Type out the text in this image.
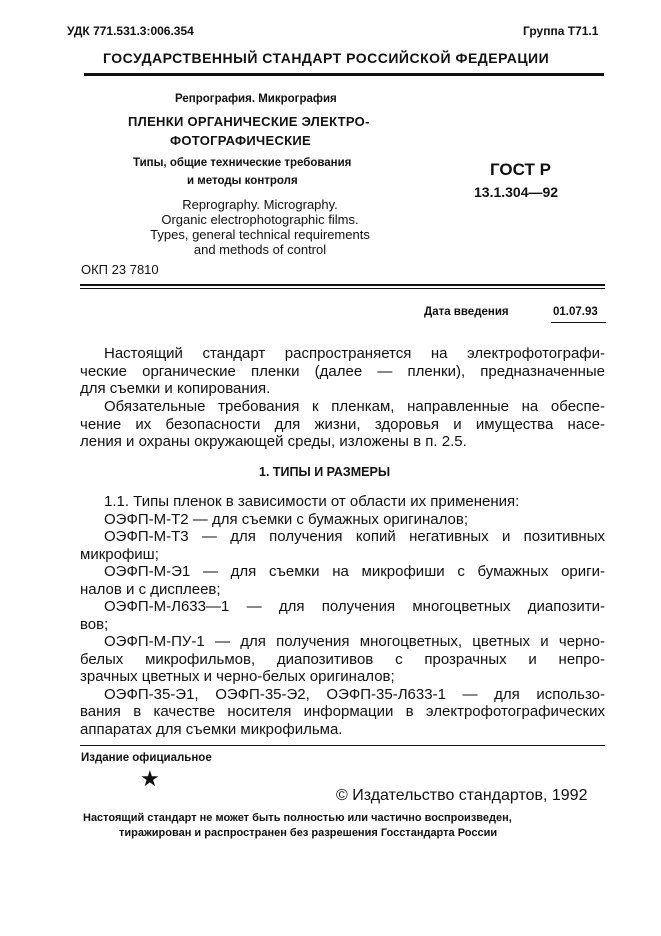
УДК 771.531.3:006.354	Группа Т71.1
ГОСУДАРСТВЕННЫЙ СТАНДАРТ РОССИЙСКОЙ ФЕДЕРАЦИИ
Репрография. Микрография
ПЛЕНКИ ОРГАНИЧЕСКИЕ ЭЛЕКТРО-
ФОТОГРАФИЧЕСКИЕ
Типы, общие технические требования
и методы контроля
Reprography. Micrography.
Organic electrophotographic films.
Types, general technical requirements
and methods of control
ГОСТ Р
13.1.304—92
ОКП 23 7810
Дата введения	01.07.93
Настоящий стандарт распространяется на электрофотографи-
ческие органические пленки (далее — пленки), предназначенные
для съемки и копирования.
Обязательные требования к пленкам, направленные на обеспе-
чение их безопасности для жизни, здоровья и имущества насе-
ления и охраны окружающей среды, изложены в п. 2.5.
1. ТИПЫ И РАЗМЕРЫ
1.1. Типы пленок в зависимости от области их применения:
ОЭФП-М-Т2 — для съемки с бумажных оригиналов;
ОЭФП-М-Т3 — для получения копий негативных и позитивных
микрофиш;
ОЭФП-М-Э1 — для съемки на микрофиши с бумажных ориги-
налов и с дисплеев;
ОЭФП-М-Л633—1 — для получения многоцветных диапозити-
вов;
ОЭФП-М-ПУ-1 — для получения многоцветных, цветных и черно-
белых микрофильмов, диапозитивов с прозрачных и непро-
зрачных цветных и черно-белых оригиналов;
ОЭФП-35-Э1, ОЭФП-35-Э2, ОЭФП-35-Л633-1 — для использо-
вания в качестве носителя информации в электрофотографических
аппаратах для съемки микрофильма.
Издание официальное
★
© Издательство стандартов, 1992
Настоящий стандарт не может быть полностью или частично воспроизведен,
тиражирован и распространен без разрешения Госстандарта России
